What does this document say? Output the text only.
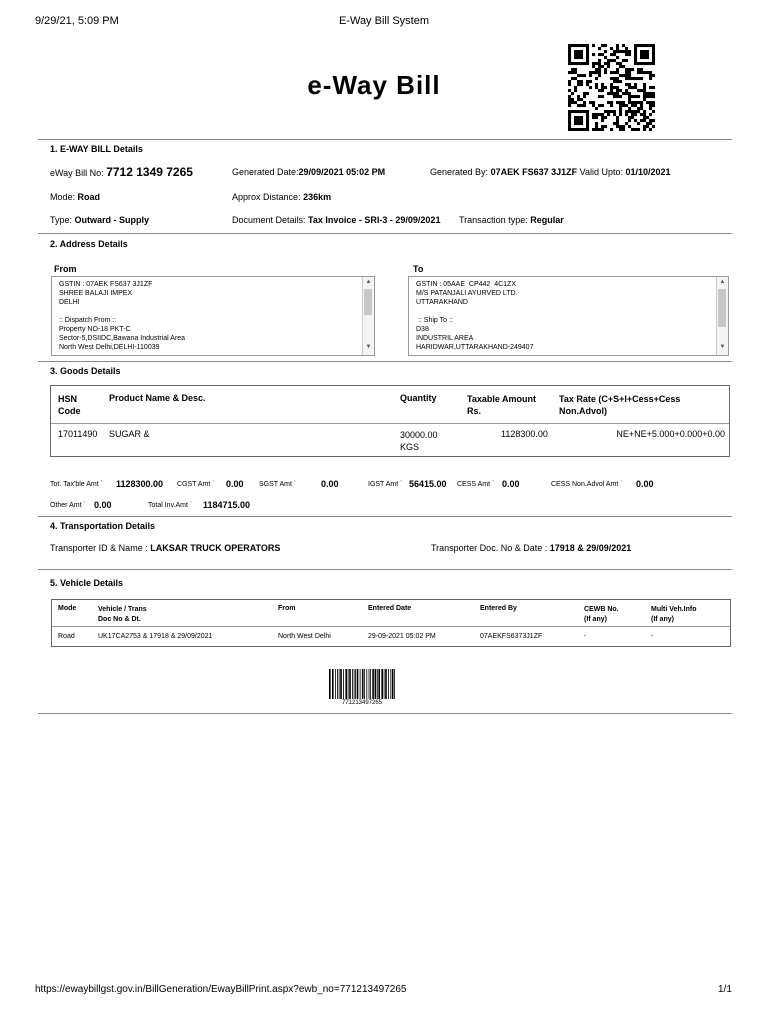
9/29/21, 5:09 PM	E-Way Bill System
e-Way Bill
1. E-WAY BILL Details
eWay Bill No: 7712 1349 7265	Generated Date:29/09/2021 05:02 PM	Generated By: 07AEK FS637 3J1ZF Valid Upto: 01/10/2021
Mode: Road	Approx Distance: 236km
Type: Outward - Supply	Document Details: Tax Invoice - SRI-3 - 29/09/2021 Transaction type: Regular
2. Address Details
From	To
GSTIN : 07AEK FS637 3J1ZF
SHREE BALAJI IMPEX
DELHI

:: Dispatch From ::
Property NO-18 PKT-C
Sector-5,DSIIDC,Bawana Industrial Area
North West Delhi,DELHI-110039
▲
▼
GSTIN : 05AAE  CP442  4C1ZX
M/S PATANJALI AYURVED LTD.
UTTARAKHAND

:: Ship To ::
D38
INDUSTRIL AREA
HARIDWAR,UTTARAKHAND-249407
▲
▼
3. Goods Details
HSN
Code
Product Name & Desc.	Quantity	Taxable Amount
Rs.
Tax Rate (C+S+I+Cess+Cess
Non.Advol)
17011490 SUGAR &	30000.00
KGS
1128300.00	NE+NE+5.000+0.000+0.00
Tot. Tax'ble Amt ` 1128300.00 CGST Amt ` 0.00 SGST Amt `	0.00	IGST Amt ` 56415.00 CESS Amt ` 0.00	CESS Non.Advol Amt ` 0.00
Other Amt ` 0.00	Total Inv.Amt ` 1184715.00
4. Transportation Details
Transporter ID & Name : LAKSAR TRUCK OPERATORS	Transporter Doc. No & Date : 17918 & 29/09/2021
5. Vehicle Details
Mode	Vehicle / Trans
Doc No & Dt.
From	Entered Date	Entered By	CEWB No.
(If any)
Multi Veh.Info
(If any)
Road	UK17CA2753 & 17918 & 29/09/2021	North West Delhi	29-09-2021 05:02 PM	07AEKFS6373J1ZF	-	-
771213497265
https://ewaybillgst.gov.in/BillGeneration/EwayBillPrint.aspx?ewb_no=771213497265	1/1
